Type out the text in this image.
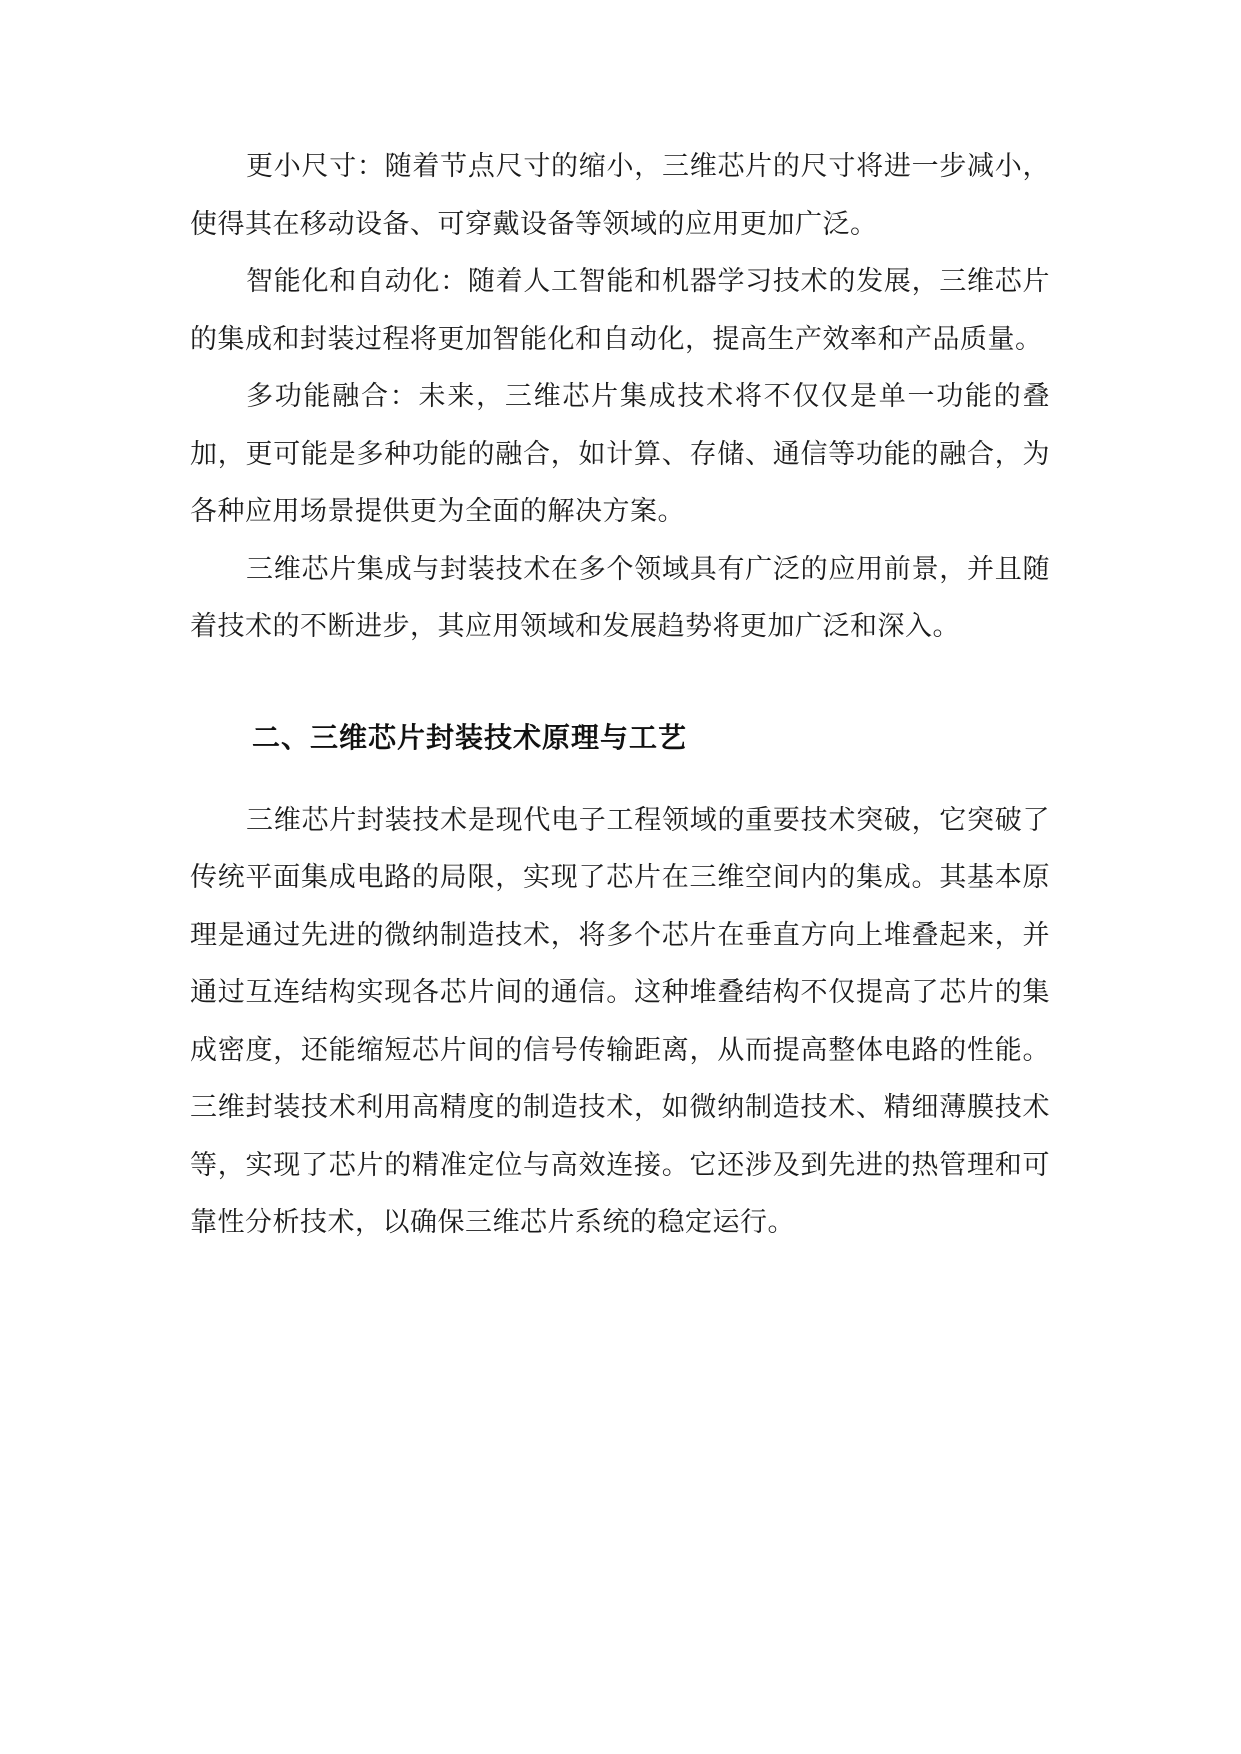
更小尺寸：随着节点尺寸的缩小，三维芯片的尺寸将进一步减小，使得其在移动设备、可穿戴设备等领域的应用更加广泛。

智能化和自动化：随着人工智能和机器学习技术的发展，三维芯片的集成和封装过程将更加智能化和自动化，提高生产效率和产品质量。

多功能融合：未来，三维芯片集成技术将不仅仅是单一功能的叠加，更可能是多种功能的融合，如计算、存储、通信等功能的融合，为各种应用场景提供更为全面的解决方案。

三维芯片集成与封装技术在多个领域具有广泛的应用前景，并且随着技术的不断进步，其应用领域和发展趋势将更加广泛和深入。

二、三维芯片封装技术原理与工艺

三维芯片封装技术是现代电子工程领域的重要技术突破，它突破了传统平面集成电路的局限，实现了芯片在三维空间内的集成。其基本原理是通过先进的微纳制造技术，将多个芯片在垂直方向上堆叠起来，并通过互连结构实现各芯片间的通信。这种堆叠结构不仅提高了芯片的集成密度，还能缩短芯片间的信号传输距离，从而提高整体电路的性能。三维封装技术利用高精度的制造技术，如微纳制造技术、精细薄膜技术等，实现了芯片的精准定位与高效连接。它还涉及到先进的热管理和可靠性分析技术，以确保三维芯片系统的稳定运行。
